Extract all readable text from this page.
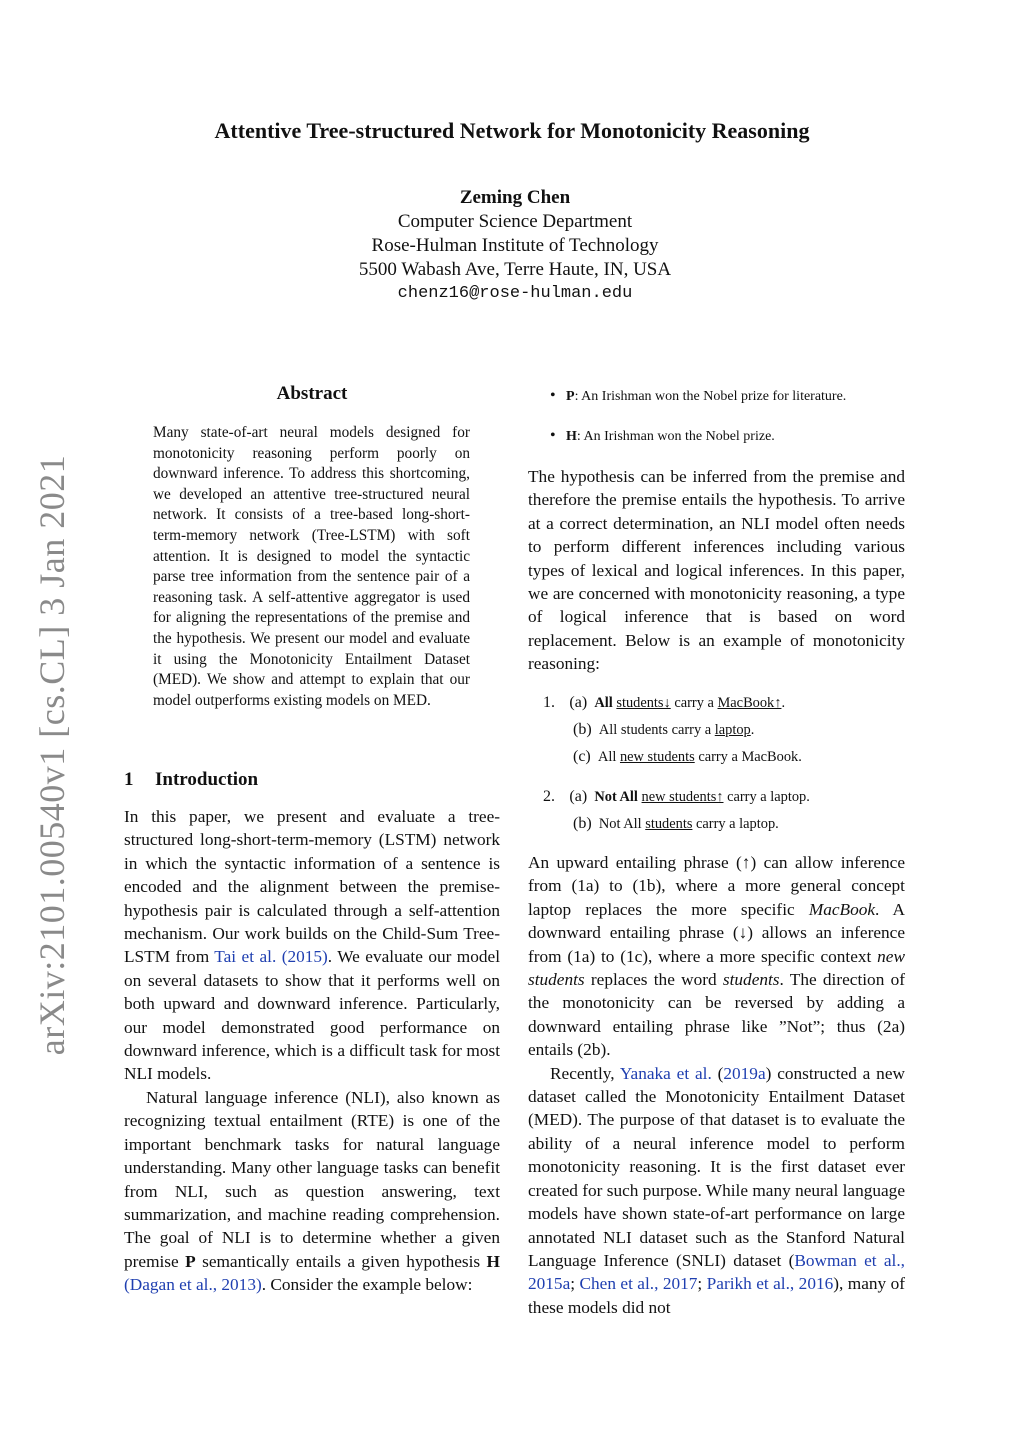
Attentive Tree-structured Network for Monotonicity Reasoning
Zeming Chen
Computer Science Department
Rose-Hulman Institute of Technology
5500 Wabash Ave, Terre Haute, IN, USA
chenz16@rose-hulman.edu
arXiv:2101.00540v1 [cs.CL] 3 Jan 2021
Abstract
Many state-of-art neural models designed for monotonicity reasoning perform poorly on downward inference. To address this shortcoming, we developed an attentive tree-structured neural network. It consists of a tree-based long-short-term-memory network (Tree-LSTM) with soft attention. It is designed to model the syntactic parse tree information from the sentence pair of a reasoning task. A self-attentive aggregator is used for aligning the representations of the premise and the hypothesis. We present our model and evaluate it using the Monotonicity Entailment Dataset (MED). We show and attempt to explain that our model outperforms existing models on MED.
1 Introduction

In this paper, we present and evaluate a tree-structured long-short-term-memory (LSTM) network in which the syntactic information of a sentence is encoded and the alignment between the premise-hypothesis pair is calculated through a self-attention mechanism. Our work builds on the Child-Sum Tree-LSTM from Tai et al. (2015). We evaluate our model on several datasets to show that it performs well on both upward and downward inference. Particularly, our model demonstrated good performance on downward inference, which is a difficult task for most NLI models.

Natural language inference (NLI), also known as recognizing textual entailment (RTE) is one of the important benchmark tasks for natural language understanding. Many other language tasks can benefit from NLI, such as question answering, text summarization, and machine reading comprehension. The goal of NLI is to determine whether a given premise P semantically entails a given hypothesis H (Dagan et al., 2013). Consider the example below:

• P: An Irishman won the Nobel prize for literature.
• H: An Irishman won the Nobel prize.
The hypothesis can be inferred from the premise and therefore the premise entails the hypothesis. To arrive at a correct determination, an NLI model often needs to perform different inferences including various types of lexical and logical inferences. In this paper, we are concerned with monotonicity reasoning, a type of logical inference that is based on word replacement. Below is an example of monotonicity reasoning:
1. (a) All students↓ carry a MacBook↑.
(b) All students carry a laptop.
(c) All new students carry a MacBook.
2. (a) Not All new students↑ carry a laptop.
(b) Not All students carry a laptop.

An upward entailing phrase (↑) can allow inference from (1a) to (1b), where a more general concept laptop replaces the more specific MacBook. A downward entailing phrase (↓) allows an inference from (1a) to (1c), where a more specific context new students replaces the word students. The direction of the monotonicity can be reversed by adding a downward entailing phrase like ”Not”; thus (2a) entails (2b).

Recently, Yanaka et al. (2019a) constructed a new dataset called the Monotonicity Entailment Dataset (MED). The purpose of that dataset is to evaluate the ability of a neural inference model to perform monotonicity reasoning. It is the first dataset ever created for such purpose. While many neural language models have shown state-of-art performance on large annotated NLI dataset such as the Stanford Natural Language Inference (SNLI) dataset (Bowman et al., 2015a; Chen et al., 2017; Parikh et al., 2016), many of these models did not
